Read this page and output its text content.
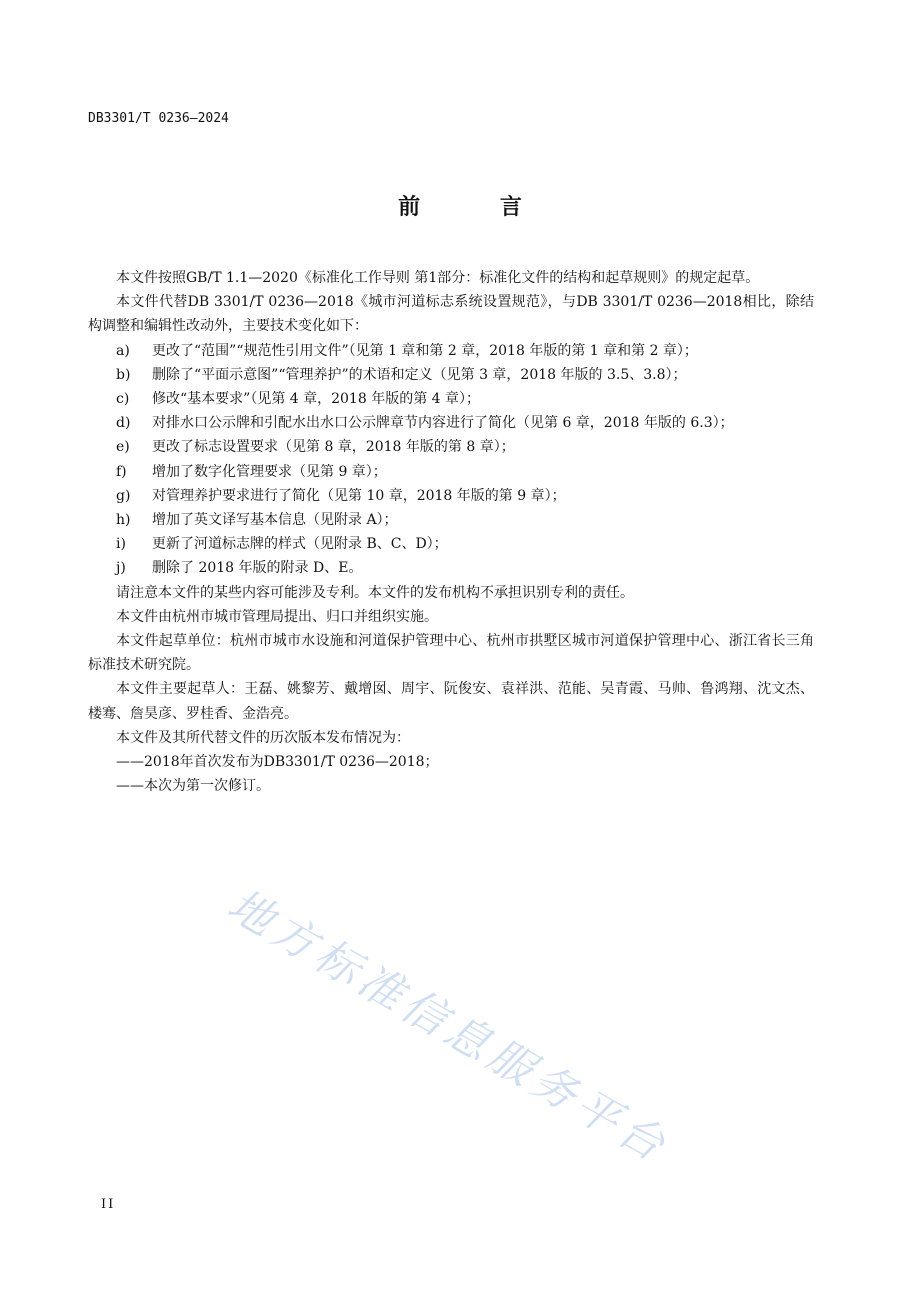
DB3301/T 0236—2024
前 言

本文件按照GB/T 1.1—2020《标准化工作导则 第1部分：标准化文件的结构和起草规则》的规定起草。

本文件代替DB 3301/T 0236—2018《城市河道标志系统设置规范》，与DB 3301/T 0236—2018相比，除结构调整和编辑性改动外，主要技术变化如下：

a)	更改了“范围”“规范性引用文件”（见第 1 章和第 2 章，2018 年版的第 1 章和第 2 章）；
b)	删除了“平面示意图”“管理养护”的术语和定义（见第 3 章，2018 年版的 3.5、3.8）；
c)	修改“基本要求”（见第 4 章，2018 年版的第 4 章）；
d)	对排水口公示牌和引配水出水口公示牌章节内容进行了简化（见第 6 章，2018 年版的 6.3）；
e)	更改了标志设置要求（见第 8 章，2018 年版的第 8 章）；
f)	增加了数字化管理要求（见第 9 章）；
g)	对管理养护要求进行了简化（见第 10 章，2018 年版的第 9 章）；
h)	增加了英文译写基本信息（见附录 A）；
i)	更新了河道标志牌的样式（见附录 B、C、D）；
j)	删除了 2018 年版的附录 D、E。

请注意本文件的某些内容可能涉及专利。本文件的发布机构不承担识别专利的责任。

本文件由杭州市城市管理局提出、归口并组织实施。

本文件起草单位：杭州市城市水设施和河道保护管理中心、杭州市拱墅区城市河道保护管理中心、浙江省长三角标准技术研究院。

本文件主要起草人：王磊、姚黎芳、戴增囡、周宇、阮俊安、袁祥洪、范能、吴青霞、马帅、鲁鸿翔、沈文杰、楼骞、詹昊彦、罗桂香、金浩亮。

本文件及其所代替文件的历次版本发布情况为：

——2018年首次发布为DB3301/T 0236—2018；

——本次为第一次修订。

地方标准信息服务平台
II
